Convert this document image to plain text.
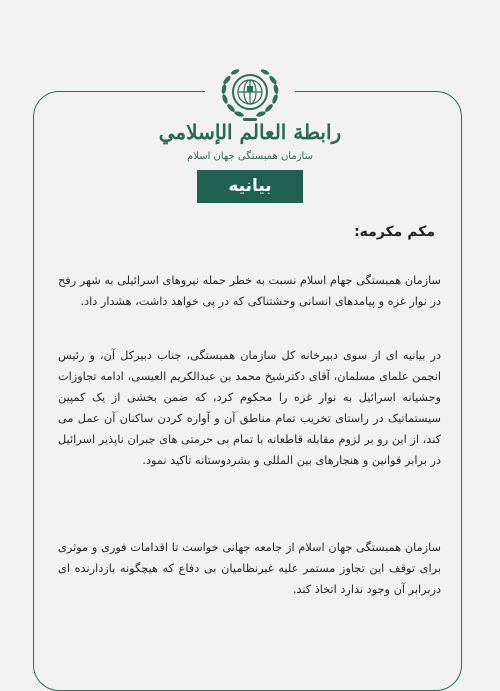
رابطة العالم الإسلامي
سازمان همبستگی جهان اسلام
بیانیه
مکم مکرمه:
سازمان همبستگی جهام اسلام نسبت به خطر حمله نیروهای اسرائیلی به شهر رفح در نوار غزه و پیامدهای انسانی وحشتناکی که در پی خواهد داشت، هشدار داد.
در بیانیه ای از سوی دبیرخانه کل سازمان همبستگی، جناب دبیرکل آن، و رئیس انجمن علمای مسلمان، آقای دکترشیخ محمد بن عبدالکریم العیسی، ادامه تجاوزات وحشیانه اسرائیل به نوار غزه را محکوم کرد، که ضمن بخشی از یک کمپین سیستماتیک در راستای تخریب تمام مناطق آن و آواره کردن ساکنان آن عمل می کند، از این رو بر لزوم مقابله قاطعانه با تمام بی حرمتی های جبران ناپذیر اسرائیل در برابر قوانین و هنجارهای بین المللی و بشردوستانه تاکید نمود.
سازمان همبستگی جهان اسلام از جامعه جهانی خواست تا اقدامات فوری و موثری برای توقف این تجاوز مستمر علیه غیرنظامیان بی دفاع که هیچگونه بازدارنده ای دربرابر آن وجود ندارد اتخاذ کند.
